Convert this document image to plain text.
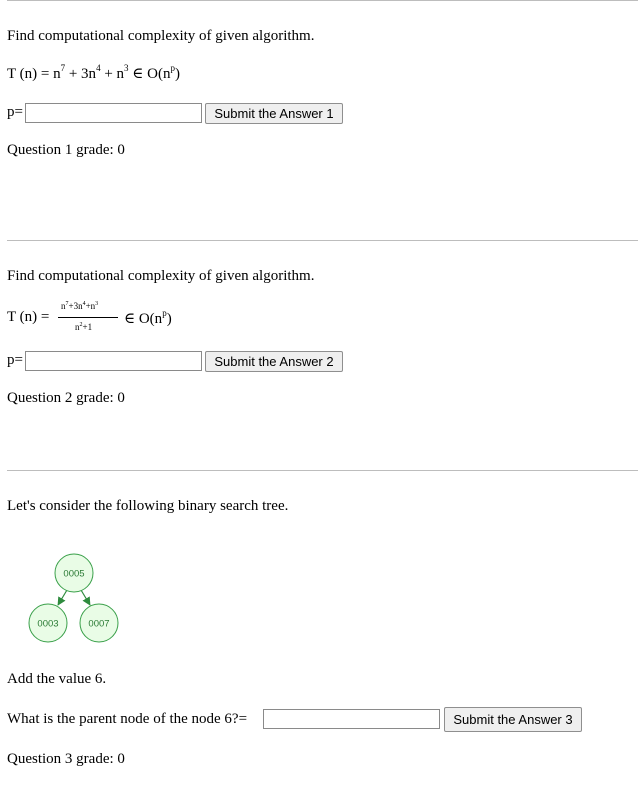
Find computational complexity of given algorithm.
T $(n) = n^7 + 3n^4 + n^3$ ∈ $O(n^p)$
p=	Submit the Answer 1
Question 1 grade: 0
Find computational complexity of given algorithm.
T (n) =
$n^7+3n^4+n^3$
$n^2+1$ ∈ $O(n^p)$
p=	Submit the Answer 2
Question 2 grade: 0
Let's consider the following binary search tree.
0005
0003	0007
Add the value 6.
What is the parent node of the node 6?=	Submit the Answer 3
Question 3 grade: 0
